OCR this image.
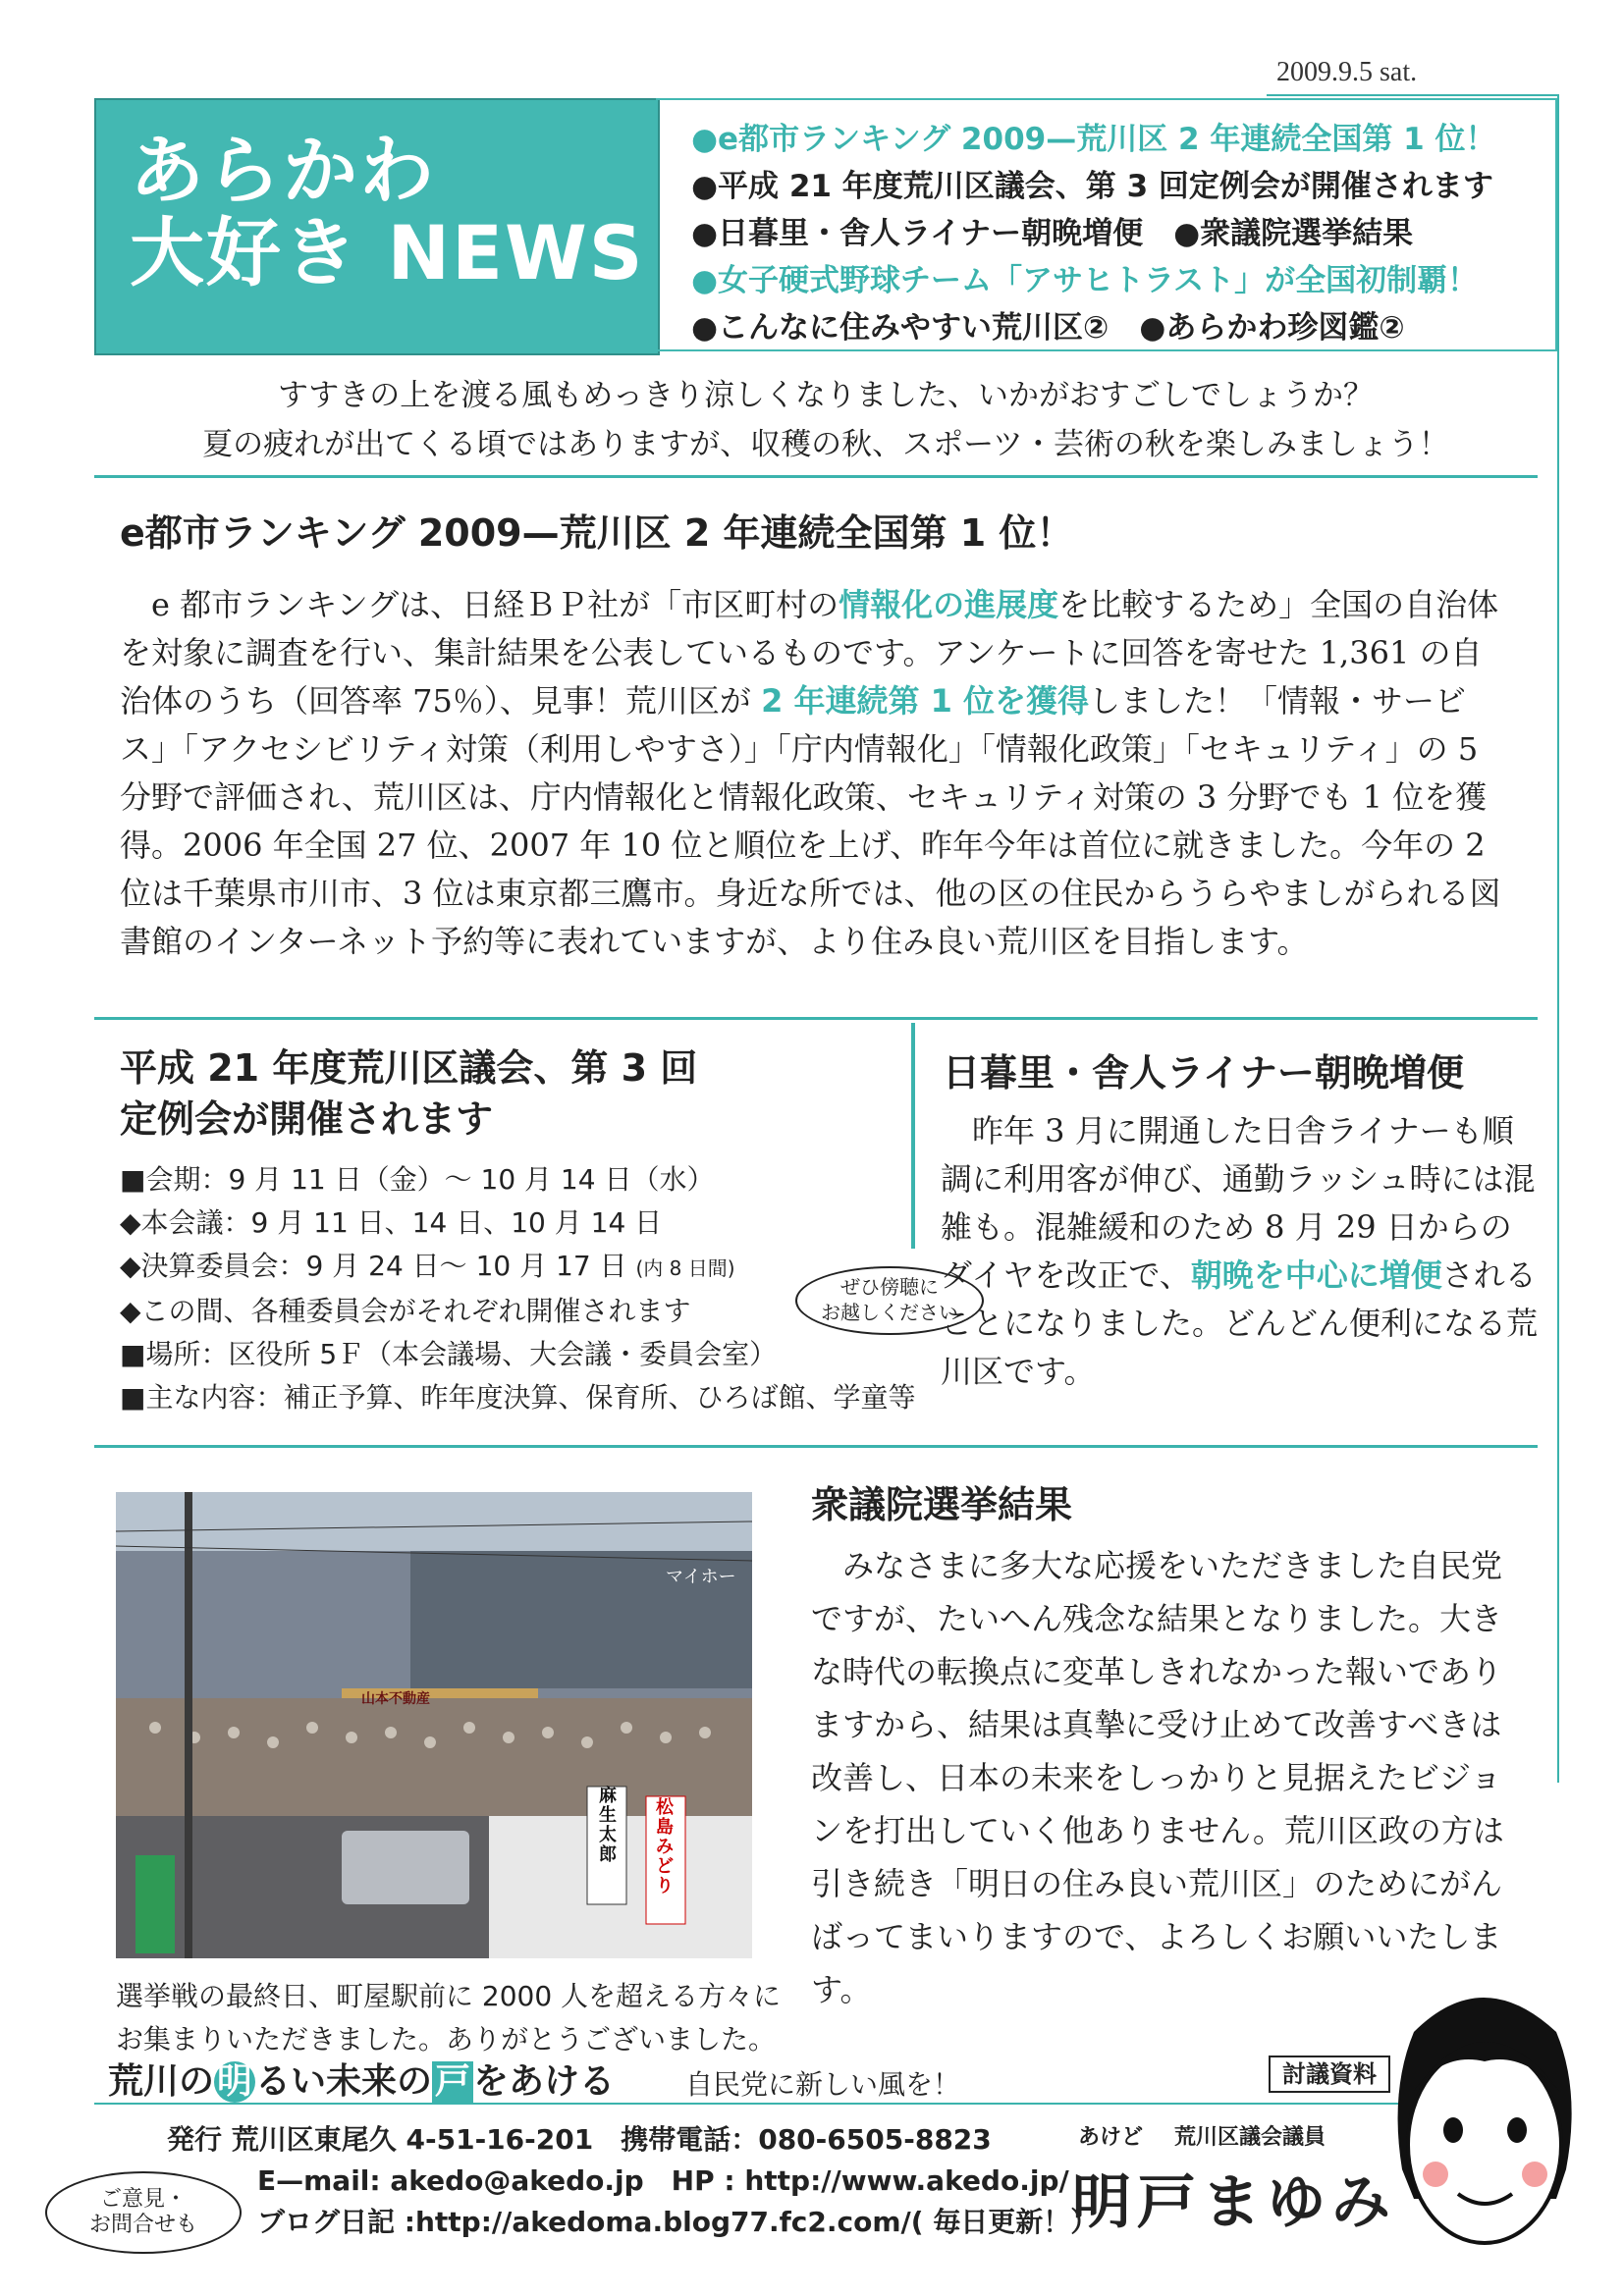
2009.9.5 sat.
あらかわ
大好き NEWS
●e都市ランキング 2009—荒川区 2 年連続全国第 1 位！
●平成 21 年度荒川区議会、第 3 回定例会が開催されます
●日暮里・舎人ライナー朝晩増便　●衆議院選挙結果
●女子硬式野球チーム「アサヒトラスト」が全国初制覇！
●こんなに住みやすい荒川区②　●あらかわ珍図鑑②
すすきの上を渡る風もめっきり涼しくなりました、いかがおすごしでしょうか？
夏の疲れが出てくる頃ではありますが、収穫の秋、スポーツ・芸術の秋を楽しみましょう！
e都市ランキング 2009—荒川区 2 年連続全国第 1 位！
　e 都市ランキングは、日経ＢＰ社が「市区町村の情報化の進展度を比較するため」全国の自治体を対象に調査を行い、集計結果を公表しているものです。アンケートに回答を寄せた 1,361 の自治体のうち（回答率 75％）、見事！荒川区が 2 年連続第 1 位を獲得しました！「情報・サービス」「アクセシビリティ対策（利用しやすさ）」「庁内情報化」「情報化政策」「セキュリティ」の 5 分野で評価され、荒川区は、庁内情報化と情報化政策、セキュリティ対策の 3 分野でも 1 位を獲得。2006 年全国 27 位、2007 年 10 位と順位を上げ、昨年今年は首位に就きました。今年の 2 位は千葉県市川市、3 位は東京都三鷹市。身近な所では、他の区の住民からうらやましがられる図書館のインターネット予約等に表れていますが、より住み良い荒川区を目指します。
平成 21 年度荒川区議会、第 3 回
定例会が開催されます
■会期：9 月 11 日（金）〜 10 月 14 日（水）
◆本会議：9 月 11 日、14 日、10 月 14 日
◆決算委員会：9 月 24 日〜 10 月 17 日 (内 8 日間)
◆この間、各種委員会がそれぞれ開催されます
■場所：区役所 5Ｆ（本会議場、大会議・委員会室）
■主な内容：補正予算、昨年度決算、保育所、ひろば館、学童等
ぜひ傍聴に
お越しください
日暮里・舎人ライナー朝晩増便
　昨年 3 月に開通した日舎ライナーも順調に利用客が伸び、通勤ラッシュ時には混雑も。混雑緩和のため 8 月 29 日からのダイヤを改正で、朝晩を中心に増便されることになりました。どんどん便利になる荒川区です。
麻生太郎
松島みどり
山本不動産
マイホー
選挙戦の最終日、町屋駅前に 2000 人を超える方々に
お集まりいただきました。ありがとうございました。
衆議院選挙結果
　みなさまに多大な応援をいただきました自民党ですが、たいへん残念な結果となりました。大きな時代の転換点に変革しきれなかった報いでありますから、結果は真摯に受け止めて改善すべきは改善し、日本の未来をしっかりと見据えたビジョンを打出していく他ありません。荒川区政の方は引き続き「明日の住み良い荒川区」のためにがんばってまいりますので、よろしくお願いいたします。
荒川の明るい未来の戸をあける	自民党に新しい風を！	討議資料
発行 荒川区東尾久 4-51-16-201　携帯電話：080-6505-8823
E—mail: akedo@akedo.jp　HP : http://www.akedo.jp/
ブログ日記 :http://akedoma.blog77.fc2.com/( 毎日更新！）
ご意見・
お問合せも
あけど 荒川区議会議員
明戸まゆみ
